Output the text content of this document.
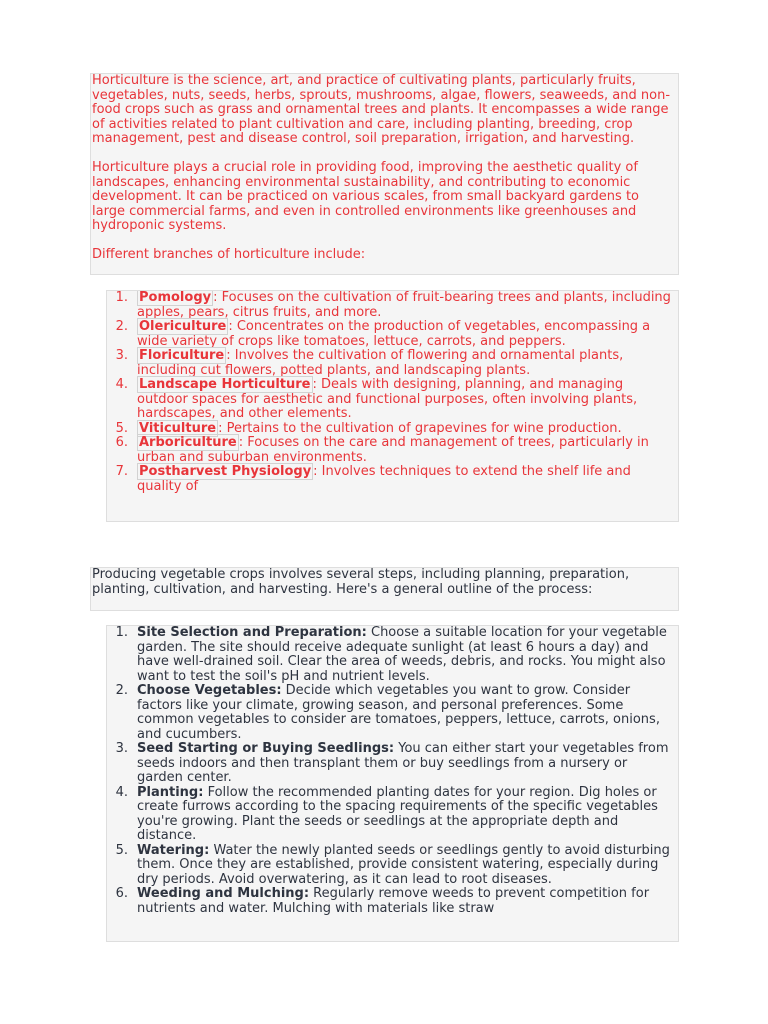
Horticulture is the science, art, and practice of cultivating plants, particularly fruits, vegetables, nuts, seeds, herbs, sprouts, mushrooms, algae, flowers, seaweeds, and non-food crops such as grass and ornamental trees and plants. It encompasses a wide range of activities related to plant cultivation and care, including planting, breeding, crop management, pest and disease control, soil preparation, irrigation, and harvesting.

Horticulture plays a crucial role in providing food, improving the aesthetic quality of landscapes, enhancing environmental sustainability, and contributing to economic development. It can be practiced on various scales, from small backyard gardens to large commercial farms, and even in controlled environments like greenhouses and hydroponic systems.

Different branches of horticulture include:

1. Pomology : Focuses on the cultivation of fruit-bearing trees and plants, including apples, pears, citrus fruits, and more.
2. Olericulture : Concentrates on the production of vegetables, encompassing a wide variety of crops like tomatoes, lettuce, carrots, and peppers.
3. Floriculture : Involves the cultivation of flowering and ornamental plants, including cut flowers, potted plants, and landscaping plants.
4. Landscape Horticulture : Deals with designing, planning, and managing outdoor spaces for aesthetic and functional purposes, often involving plants, hardscapes, and other elements.
5. Viticulture : Pertains to the cultivation of grapevines for wine production.
6. Arboriculture : Focuses on the care and management of trees, particularly in urban and suburban environments.
7. Postharvest Physiology : Involves techniques to extend the shelf life and quality of

Producing vegetable crops involves several steps, including planning, preparation, planting, cultivation, and harvesting. Here's a general outline of the process:

1. Site Selection and Preparation: Choose a suitable location for your vegetable garden. The site should receive adequate sunlight (at least 6 hours a day) and have well-drained soil. Clear the area of weeds, debris, and rocks. You might also want to test the soil's pH and nutrient levels.
2. Choose Vegetables: Decide which vegetables you want to grow. Consider factors like your climate, growing season, and personal preferences. Some common vegetables to consider are tomatoes, peppers, lettuce, carrots, onions, and cucumbers.
3. Seed Starting or Buying Seedlings: You can either start your vegetables from seeds indoors and then transplant them or buy seedlings from a nursery or garden center.
4. Planting: Follow the recommended planting dates for your region. Dig holes or create furrows according to the spacing requirements of the specific vegetables you're growing. Plant the seeds or seedlings at the appropriate depth and distance.
5. Watering: Water the newly planted seeds or seedlings gently to avoid disturbing them. Once they are established, provide consistent watering, especially during dry periods. Avoid overwatering, as it can lead to root diseases.
6. Weeding and Mulching: Regularly remove weeds to prevent competition for nutrients and water. Mulching with materials like straw
